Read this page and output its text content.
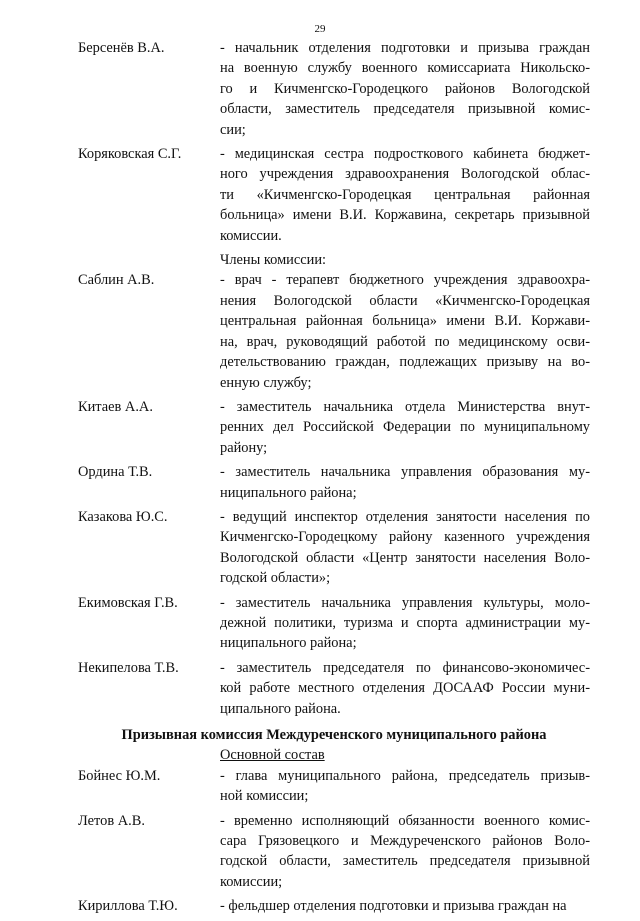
29
Берсенёв В.А.	- начальник отделения подготовки и призыва граждан
на военную службу военного комиссариата Никольско-
го и Кичменгско-Городецкого районов Вологодской
области, заместитель председателя призывной комис-
сии;
Коряковская С.Г.	- медицинская сестра подросткового кабинета бюджет-
ного учреждения здравоохранения Вологодской облас-
ти «Кичменгско-Городецкая центральная районная
больница» имени В.И. Коржавина, секретарь призывной
комиссии.
Члены комиссии:
Саблин А.В.	- врач - терапевт бюджетного учреждения здравоохра-
нения Вологодской области «Кичменгско-Городецкая
центральная районная больница» имени В.И. Коржави-
на, врач, руководящий работой по медицинскому осви-
детельствованию граждан, подлежащих призыву на во-
енную службу;
Китаев А.А.	- заместитель начальника отдела Министерства внут-
ренних дел Российской Федерации по муниципальному
району;
Ордина Т.В.	- заместитель начальника управления образования му-
ниципального района;
Казакова Ю.С.	- ведущий инспектор отделения занятости населения по
Кичменгско-Городецкому району казенного учреждения
Вологодской области «Центр занятости населения Воло-
годской области»;
Екимовская Г.В.	- заместитель начальника управления культуры, моло-
дежной политики, туризма и спорта администрации му-
ниципального района;
Некипелова Т.В.	- заместитель председателя по финансово-экономичес-
кой работе местного отделения ДОСААФ России муни-
ципального района.
Призывная комиссия Междуреченского муниципального района
Основной состав
Бойнес Ю.М.	- глава муниципального района, председатель призыв-
ной комиссии;
Летов А.В.	- временно исполняющий обязанности военного комис-
сара Грязовецкого и Междуреченского районов Воло-
годской области, заместитель председателя призывной
комиссии;
Кириллова Т.Ю.	- фельдшер отделения подготовки и призыва граждан на
